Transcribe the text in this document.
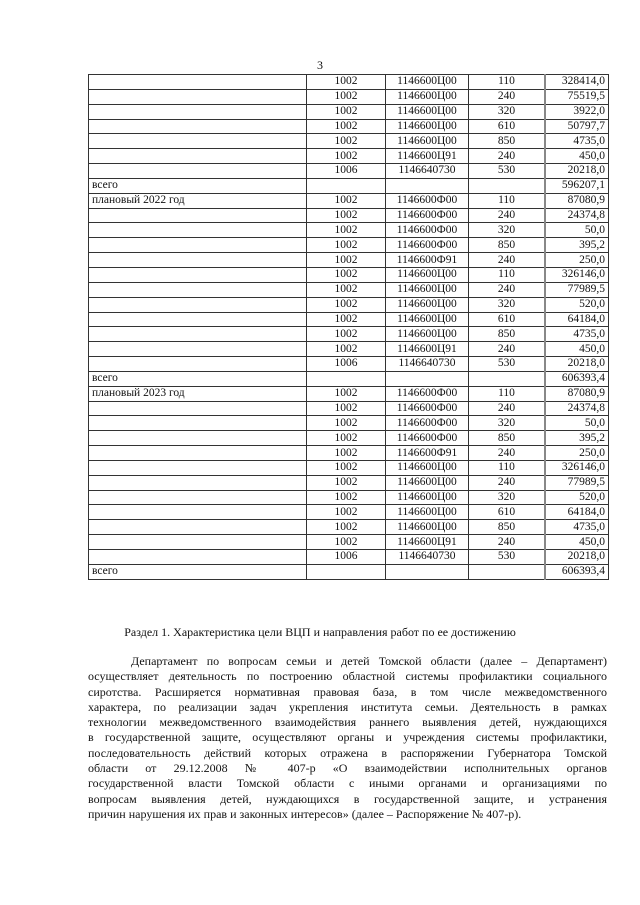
3
	1002	1146600Ц00	110	328414,0
	1002	1146600Ц00	240	75519,5
	1002	1146600Ц00	320	3922,0
	1002	1146600Ц00	610	50797,7
	1002	1146600Ц00	850	4735,0
	1002	1146600Ц91	240	450,0
	1006	1146640730	530	20218,0
всего				596207,1
плановый 2022 год	1002	1146600Ф00	110	87080,9
	1002	1146600Ф00	240	24374,8
	1002	1146600Ф00	320	50,0
	1002	1146600Ф00	850	395,2
	1002	1146600Ф91	240	250,0
	1002	1146600Ц00	110	326146,0
	1002	1146600Ц00	240	77989,5
	1002	1146600Ц00	320	520,0
	1002	1146600Ц00	610	64184,0
	1002	1146600Ц00	850	4735,0
	1002	1146600Ц91	240	450,0
	1006	1146640730	530	20218,0
всего				606393,4
плановый 2023 год	1002	1146600Ф00	110	87080,9
	1002	1146600Ф00	240	24374,8
	1002	1146600Ф00	320	50,0
	1002	1146600Ф00	850	395,2
	1002	1146600Ф91	240	250,0
	1002	1146600Ц00	110	326146,0
	1002	1146600Ц00	240	77989,5
	1002	1146600Ц00	320	520,0
	1002	1146600Ц00	610	64184,0
	1002	1146600Ц00	850	4735,0
	1002	1146600Ц91	240	450,0
	1006	1146640730	530	20218,0
всего				606393,4
Раздел 1. Характеристика цели ВЦП и направления работ по ее достижению
Департамент по вопросам семьи и детей Томской области (далее – Департамент)
осуществляет деятельность по построению областной системы профилактики социального
сиротства. Расширяется нормативная правовая база, в том числе межведомственного
характера, по реализации задач укрепления института семьи. Деятельность в рамках
технологии межведомственного взаимодействия раннего выявления детей, нуждающихся
в государственной защите, осуществляют органы и учреждения системы профилактики,
последовательность действий которых отражена в распоряжении Губернатора Томской
области от 29.12.2008 № 407-р «О взаимодействии исполнительных органов
государственной власти Томской области с иными органами и организациями по
вопросам выявления детей, нуждающихся в государственной защите, и устранения
причин нарушения их прав и законных интересов» (далее – Распоряжение № 407-р).
